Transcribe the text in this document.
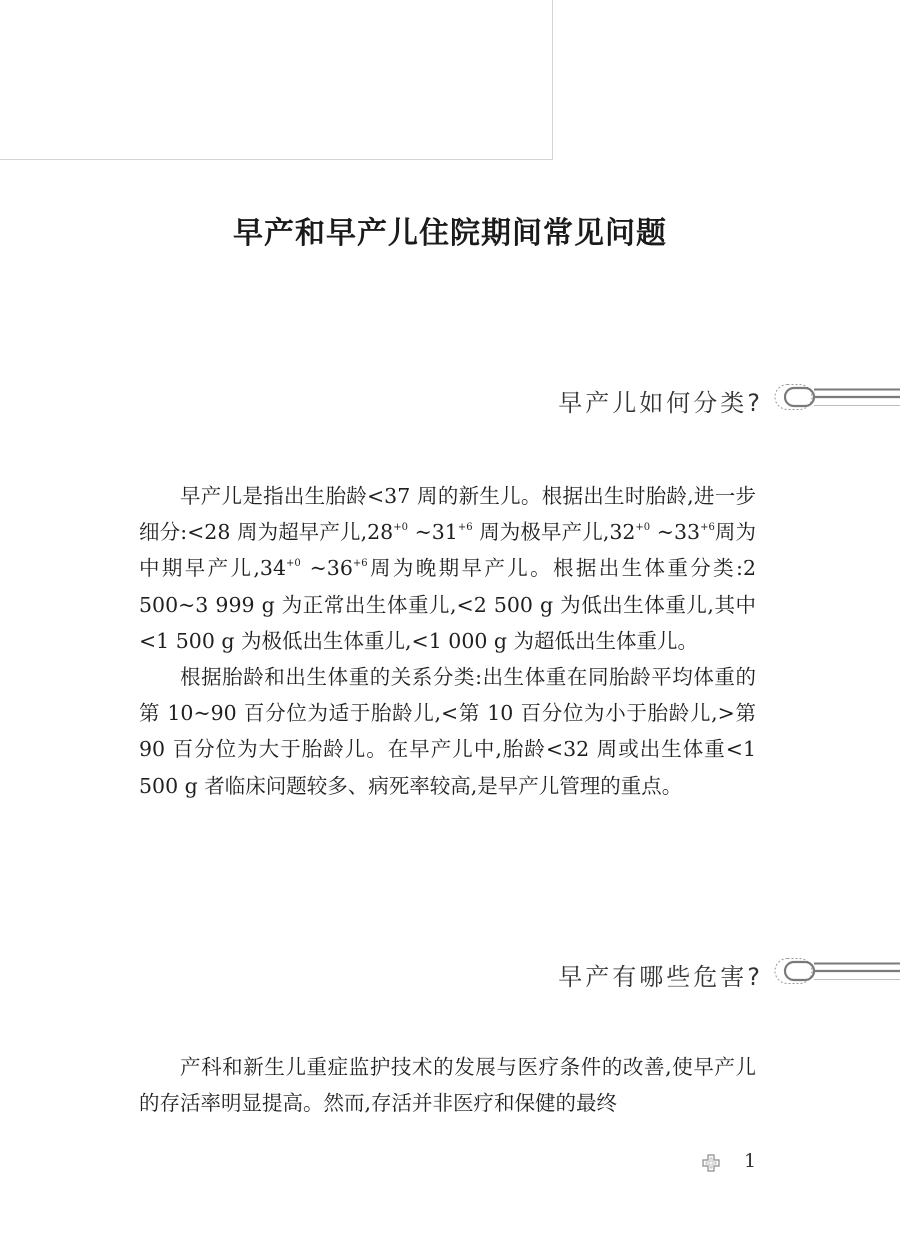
早产和早产儿住院期间常见问题
早产儿如何分类?

早产儿是指出生胎龄<37 周的新生儿。根据出生时胎龄,进一步细分:<28 周为超早产儿$,28^{+0}$ $\sim 31^{+6}$ 周为极早产儿$,32^{+0}$ $\sim 33^{+6}$周为中期早产儿$,34^{+0}$ $\sim 36^{+6}$周为晚期早产儿。根据出生体重分类:2 500~3 999 g 为正常出生体重儿,<2 500 g 为低出生体重儿,其中<1 500 g 为极低出生体重儿,<1 000 g 为超低出生体重儿。

根据胎龄和出生体重的关系分类:出生体重在同胎龄平均体重的第 10~90 百分位为适于胎龄儿,<第 10 百分位为小于胎龄儿,>第 90 百分位为大于胎龄儿。在早产儿中,胎龄<32 周或出生体重<1 500 g 者临床问题较多、病死率较高,是早产儿管理的重点。

早产有哪些危害?

产科和新生儿重症监护技术的发展与医疗条件的改善,使早产儿的存活率明显提高。然而,存活并非医疗和保健的最终

1
